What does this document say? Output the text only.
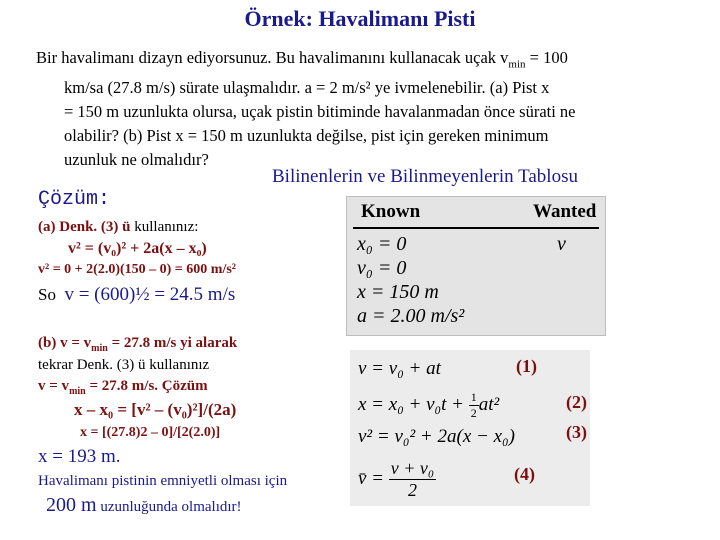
Örnek: Havalimanı Pisti
Bir havalimanı dizayn ediyorsunuz. Bu havalimanını kullanacak uçak $v_{min} = 100$
km/sa (27.8 m/s) sürate ulaşmalıdır. a = 2 m/s² ye ivmelenebilir. (a) Pist x
= 150 m uzunlukta olursa, uçak pistin bitiminde havalanmadan önce sürati ne
olabilir? (b) Pist x = 150 m uzunlukta değilse, pist için gereken minimum
uzunluk ne olmalıdır?
Bilinenlerin ve Bilinmeyenlerin Tablosu
Çözüm:
Known	Wanted
x₀ = 0
v₀ = 0
x = 150 m
a = 2.00 m/s²
v
(a) Denk. (3) ü kullanınız:
v² = (v₀)² + 2a(x – x₀)
v² = 0 + 2(2.0)(150 – 0) = 600 m/s²
So v = (600)½ = 24.5 m/s
(b) $v = v_{min} = 27.8$ m/s yi alarak
tekrar Denk. (3) ü kullanınız
$v = v_{min} = 27.8$ m/s. Çözüm
x – x₀ = [v² – (v₀)²]/(2a)
x = [(27.8)2 – 0]/[2(2.0)]
x = 193 m.
Havalimanı pistinin emniyetli olması için
200 m uzunluğunda olmalıdır!
v = v₀ + at
$x = x_0 + v_0t + \frac{1}{2} at^2$
v² = v₀² + 2a(x − x₀)
v̄ = $\frac{\text{v + v₀}}{2}$
(1)
(2)
(3)
(4)
